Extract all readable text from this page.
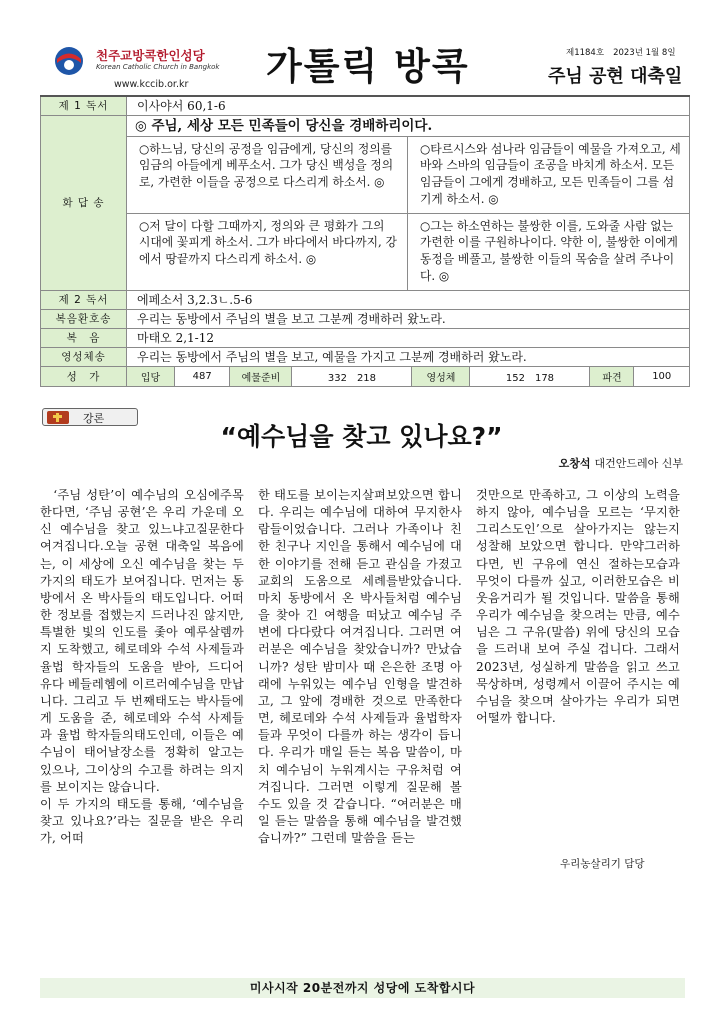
천주교방콕한인성당
Korean Catholic Church in Bangkok
www.kccib.or.kr 가톨릭 방콕	제1184호 2023년 1월 8일
주님 공현 대축일
제 1 독서	이사야서 60,1-6							
화 답 송	◎ 주님, 세상 모든 민족들이 당신을 경배하리이다.
○하느님, 당신의 공정을 임금에게, 당신의 정의를 임금의 아들에게 베푸소서. 그가 당신 백성을 정의로, 가련한 이들을 공정으로 다스리게 하소서. ◎
○타르시스와 섬나라 임금들이 예물을 가져오고, 세바와 스바의 임금들이 조공을 바치게 하소서. 모든 임금들이 그에게 경배하고, 모든 민족들이 그를 섬기게 하소서. ◎
○저 달이 다할 그때까지, 정의와 큰 평화가 그의 시대에 꽃피게 하소서. 그가 바다에서 바다까지, 강에서 땅끝까지 다스리게 하소서. ◎
○그는 하소연하는 불쌍한 이를, 도와줄 사람 없는 가련한 이를 구원하나이다. 약한 이, 불쌍한 이에게 동정을 베풀고, 불쌍한 이들의 목숨을 살려 주나이다. ◎							

제 2 독서	에페소서 3,2.3ㄴ.5-6							
복음환호송	우리는 동방에서 주님의 별을 보고 그분께 경배하러 왔노라.							
복　음	마태오 2,1-12							
영성체송	우리는 동방에서 주님의 별을 보고, 예물을 가지고 그분께 경배하러 왔노라.							
성　가	입당	487	예물준비	332　218	영성체	152　178	파견	100
강론
“예수님을 찾고 있나요?”
오창석 대건안드레아 신부

　‘주님 성탄’이 예수님의 오심에주목한다면, ‘주님 공현’은 우리 가운데 오신 예수님을 찾고 있느냐고질문한다 여겨집니다.오늘 공현 대축일 복음에는, 이 세상에 오신 예수님을 찾는 두 가지의 태도가 보여집니다. 먼저는 동방에서 온 박사들의 태도입니다. 어떠한 정보를 접했는지 드러나진 않지만, 특별한 빛의 인도를 좇아 예루살렘까지 도착했고, 헤로데와 수석 사제들과 율법 학자들의 도움을 받아, 드디어 유다 베들레헴에 이르러예수님을 만납니다. 그리고 두 번째태도는 박사들에게 도움을 준, 헤로데와 수석 사제들과 율법 학자들의태도인데, 이들은 예수님이 태어날장소를 정확히 알고는 있으나, 그이상의 수고를 하려는 의지를 보이지는 않습니다.
이 두 가지의 태도를 통해, ‘예수님을 찾고 있나요?’라는 질문을 받은 우리가, 어떠

한 태도를 보이는지살펴보았으면 합니다. 우리는 예수님에 대하여 무지한사람들이었습니다. 그러나 가족이나 친한 친구나 지인을 통해서 예수님에 대한 이야기를 전해 듣고 관심을 가졌고 교회의 도움으로 세례를받았습니다. 마치 동방에서 온 박사들처럼 예수님을 찾아 긴 여행을 떠났고 예수님 주변에 다다랐다 여겨집니다. 그러면 여러분은 예수님을 찾았습니까? 만났습니까? 성탄 밤미사 때 은은한 조명 아래에 누워있는 예수님 인형을 발견하고, 그 앞에 경배한 것으로 만족한다면, 헤로데와 수석 사제들과 율법학자들과 무엇이 다를까 하는 생각이 듭니다. 우리가 매일 듣는 복음 말씀이, 마치 예수님이 누워계시는 구유처럼 여겨집니다. 그러면 이렇게 질문해 볼 수도 있을 것 같습니다. “여러분은 매일 듣는 말씀을 통해 예수님을 발견했습니까?” 그런데 말씀을 듣는

것만으로 만족하고, 그 이상의 노력을 하지 않아, 예수님을 모르는 ‘무지한그리스도인’으로 살아가지는 않는지 성찰해 보았으면 합니다. 만약그러하다면, 빈 구유에 연신 절하는모습과 무엇이 다를까 싶고, 이러한모습은 비웃음거리가 될 것입니다. 말씀을 통해 우리가 예수님을 찾으려는 만큼, 예수님은 그 구유(말씀) 위에 당신의 모습을 드러내 보여 주실 겁니다. 그래서 2023년, 성실하게 말씀을 읽고 쓰고 묵상하며, 성령께서 이끌어 주시는 예수님을 찾으며 살아가는 우리가 되면 어떨까 합니다.

우리농살리기 담당
미사시작 20분전까지 성당에 도착합시다
